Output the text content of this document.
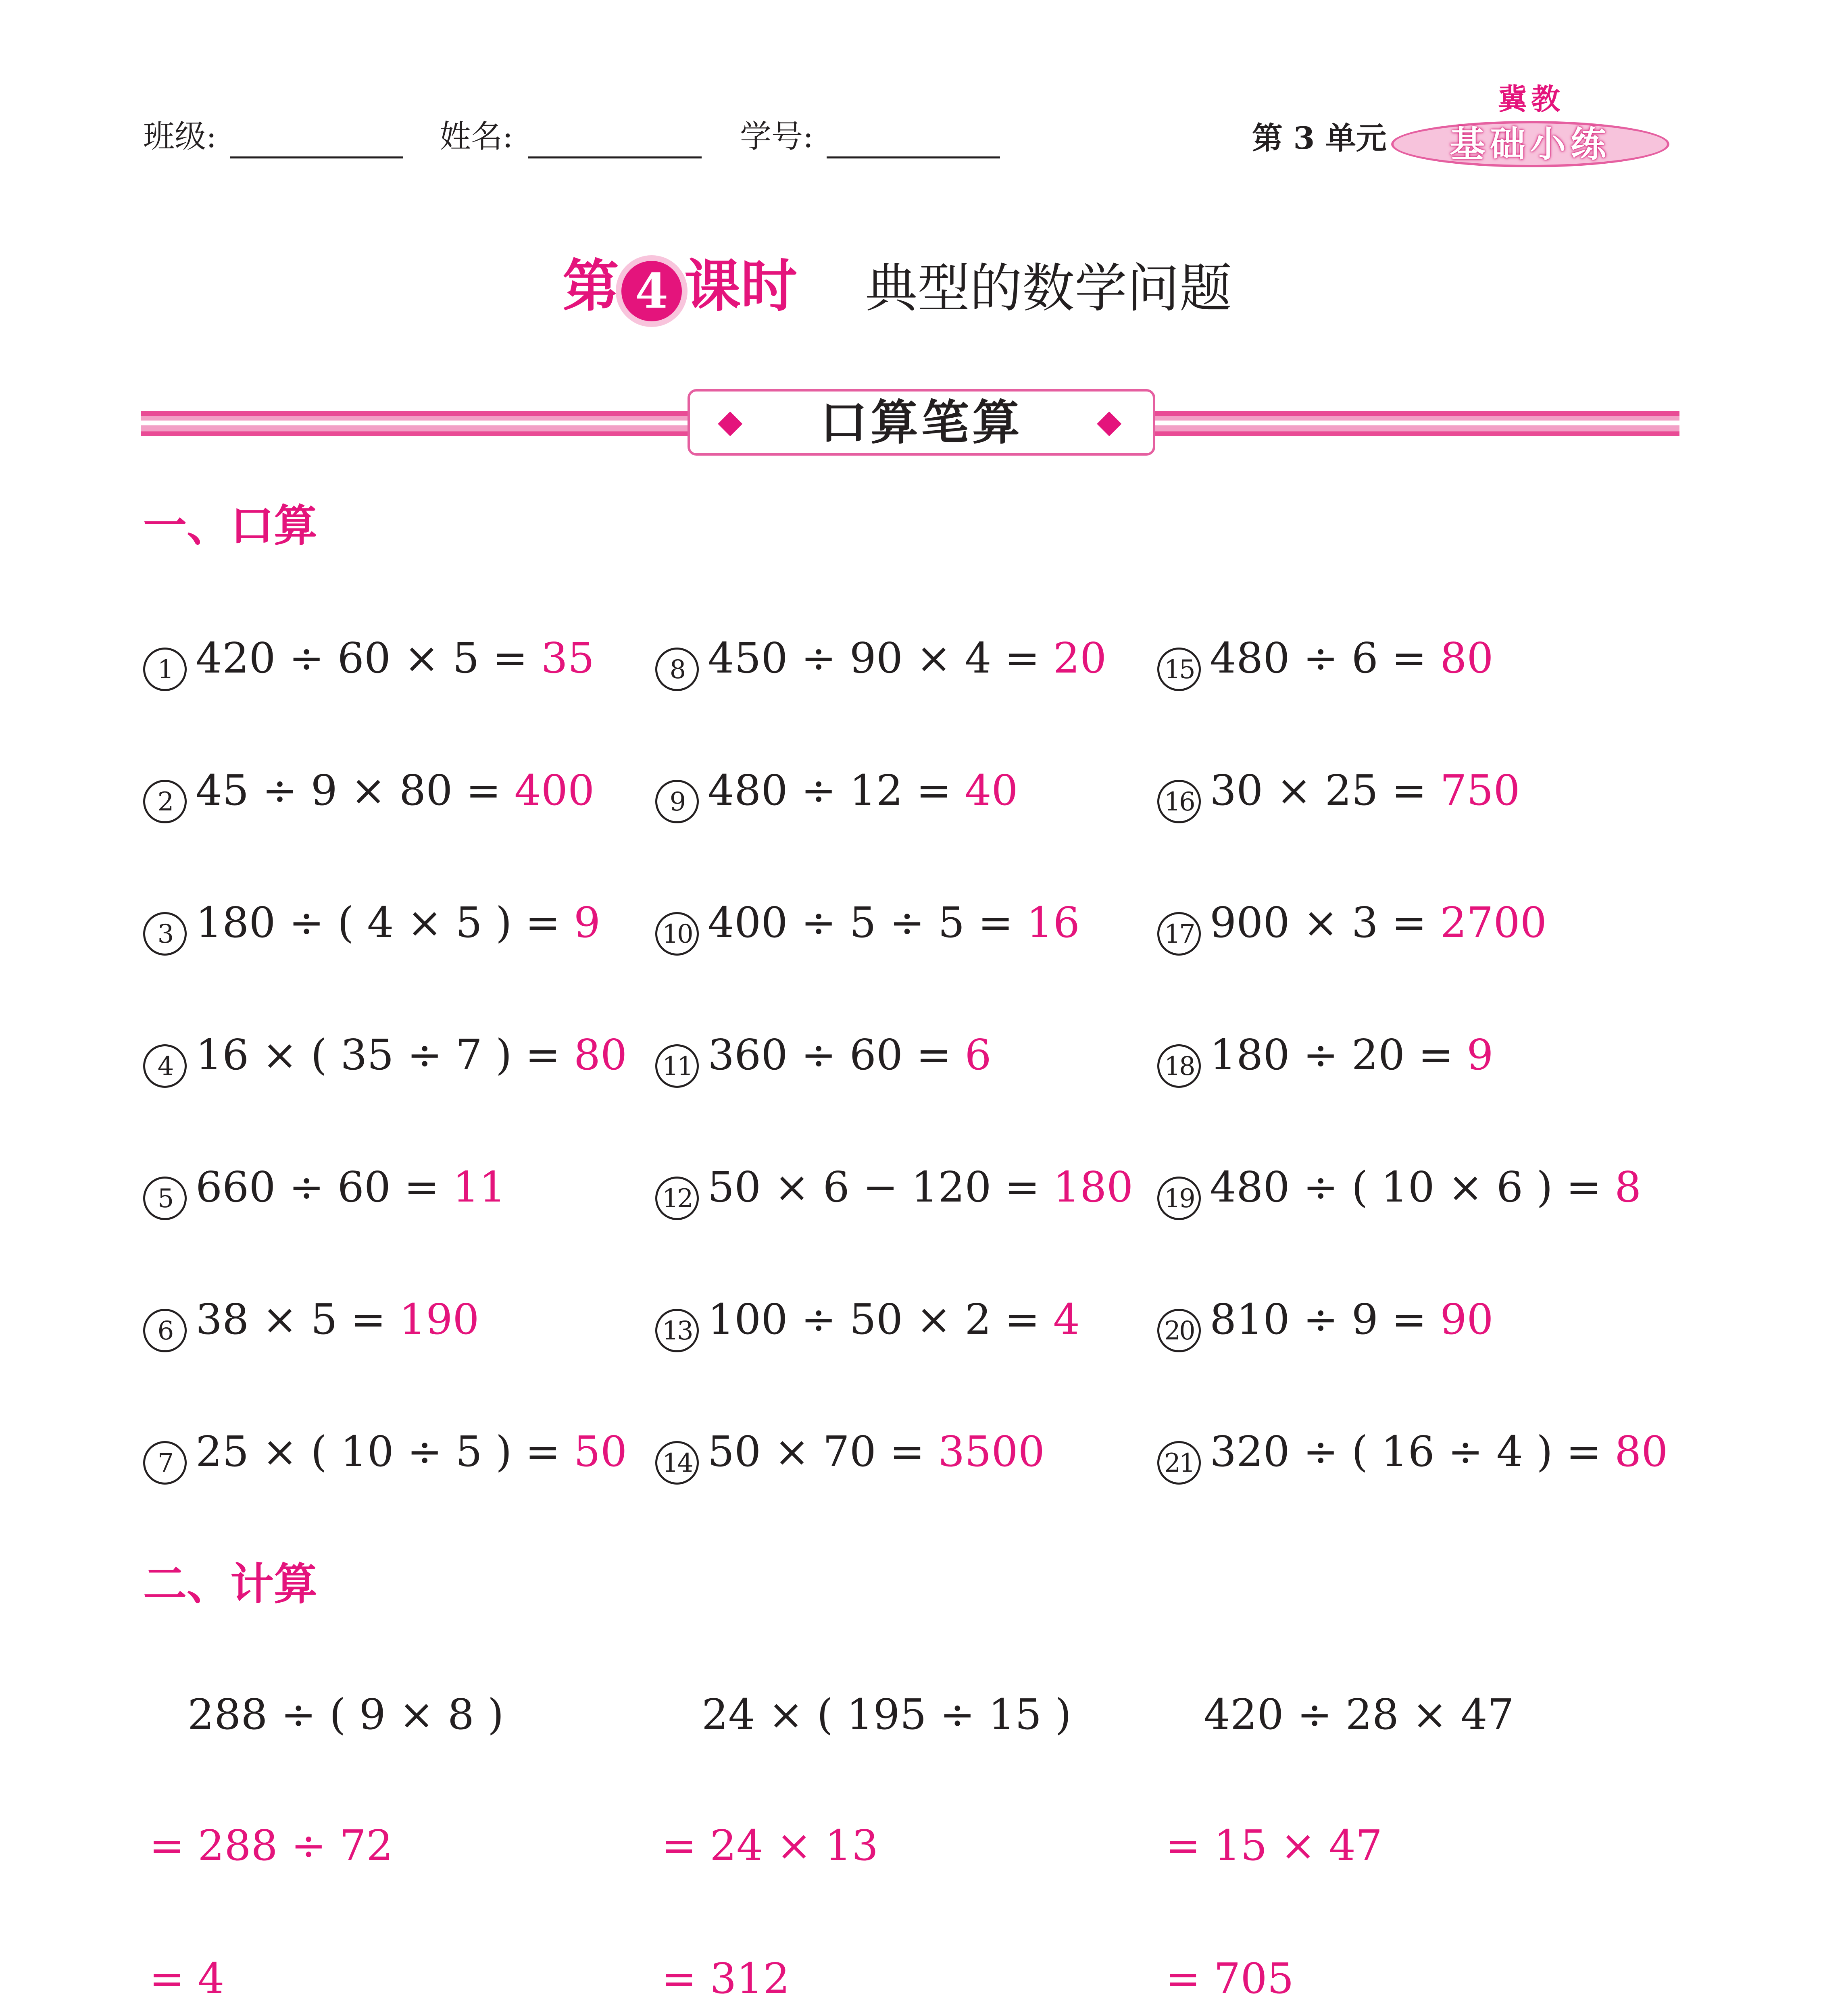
班级:	姓名:	学号:	第 3 单元
冀教
基础小练
第 4 课时 典型的数学问题
口算笔算
◆	◆
一、口算
1 420 ÷ 60 × 5 = 35
2 45 ÷ 9 × 80 = 400
3 180 ÷ ( 4 × 5 ) = 9
4 16 × ( 35 ÷ 7 ) = 80
5 660 ÷ 60 = 11
6 38 × 5 = 190
7 25 × ( 10 ÷ 5 ) = 50
8 450 ÷ 90 × 4 = 20
9 480 ÷ 12 = 40
10 400 ÷ 5 ÷ 5 = 16
11 360 ÷ 60 = 6
12 50 × 6 − 120 = 180
13 100 ÷ 50 × 2 = 4
14 50 × 70 = 3500
15 480 ÷ 6 = 80
16 30 × 25 = 750
17 900 × 3 = 2700
18 180 ÷ 20 = 9
19 480 ÷ ( 10 × 6 ) = 8
20 810 ÷ 9 = 90
21 320 ÷ ( 16 ÷ 4 ) = 80
二、计算
288 ÷ ( 9 × 8 )
= 288 ÷ 72
= 4
24 × ( 195 ÷ 15 )
= 24 × 13
= 312
420 ÷ 28 × 47
= 15 × 47
= 705
